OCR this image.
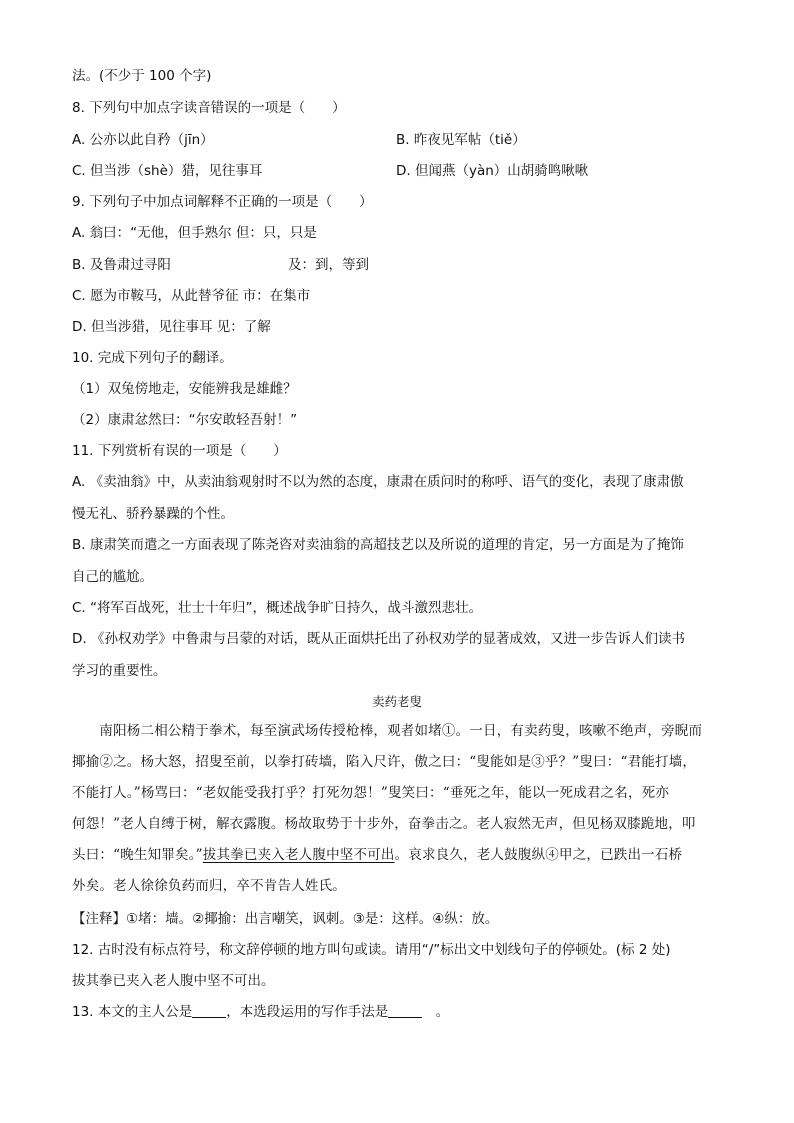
法。(不少于 100 个字)
8. 下列句中加点字读音错误的一项是（　　）
A. 公亦以此自矜（jīn）	B. 昨夜见军帖（tiě）
C. 但当涉（shè）猎，见往事耳	D. 但闻燕（yàn）山胡骑鸣啾啾
9. 下列句子中加点词解释不正确的一项是（　　）
A. 翁曰：“无他，但手熟尔 但：只，只是
B. 及鲁肃过寻阳	及：到，等到
C. 愿为市鞍马，从此替爷征 市：在集市
D. 但当涉猎，见往事耳 见：了解
10. 完成下列句子的翻译。
（1）双兔傍地走，安能辨我是雄雌？
（2）康肃忿然曰：“尔安敢轻吾射！”
11. 下列赏析有误的一项是（　　）
A. 《卖油翁》中，从卖油翁观射时不以为然的态度，康肃在质问时的称呼、语气的变化，表现了康肃傲
慢无礼、骄矜暴躁的个性。
B. 康肃笑而遣之一方面表现了陈尧咨对卖油翁的高超技艺以及所说的道理的肯定，另一方面是为了掩饰
自己的尴尬。
C. “将军百战死，壮士十年归”，概述战争旷日持久，战斗激烈悲壮。
D. 《孙权劝学》中鲁肃与吕蒙的对话，既从正面烘托出了孙权劝学的显著成效，又进一步告诉人们读书
学习的重要性。
卖药老叟
　　南阳杨二相公精于拳术，每至演武场传授枪棒，观者如堵①。一日，有卖药叟，咳嗽不绝声，旁睨而
揶揄②之。杨大怒，招叟至前，以拳打砖墙，陷入尺许，傲之曰：“叟能如是③乎？”叟曰：“君能打墙，
不能打人。”杨骂曰：“老奴能受我打乎？打死勿怨！”叟笑曰：“垂死之年，能以一死成君之名，死亦
何怨！”老人自缚于树，解衣露腹。杨故取势于十步外，奋拳击之。老人寂然无声，但见杨双膝跪地，叩
头曰：“晚生知罪矣。”拔其拳已夹入老人腹中坚不可出。哀求良久，老人鼓腹纵④甲之，已跌出一石桥
外矣。老人徐徐负药而归，卒不肯告人姓氏。
【注释】①堵：墙。②揶揄：出言嘲笑，讽刺。③是：这样。④纵：放。
12. 古时没有标点符号，称文辞停顿的地方叫句或读。请用“/”标出文中划线句子的停顿处。(标 2 处)
拔其拳已夹入老人腹中坚不可出。
13. 本文的主人公是	，本选段运用的写作手法是	　。
